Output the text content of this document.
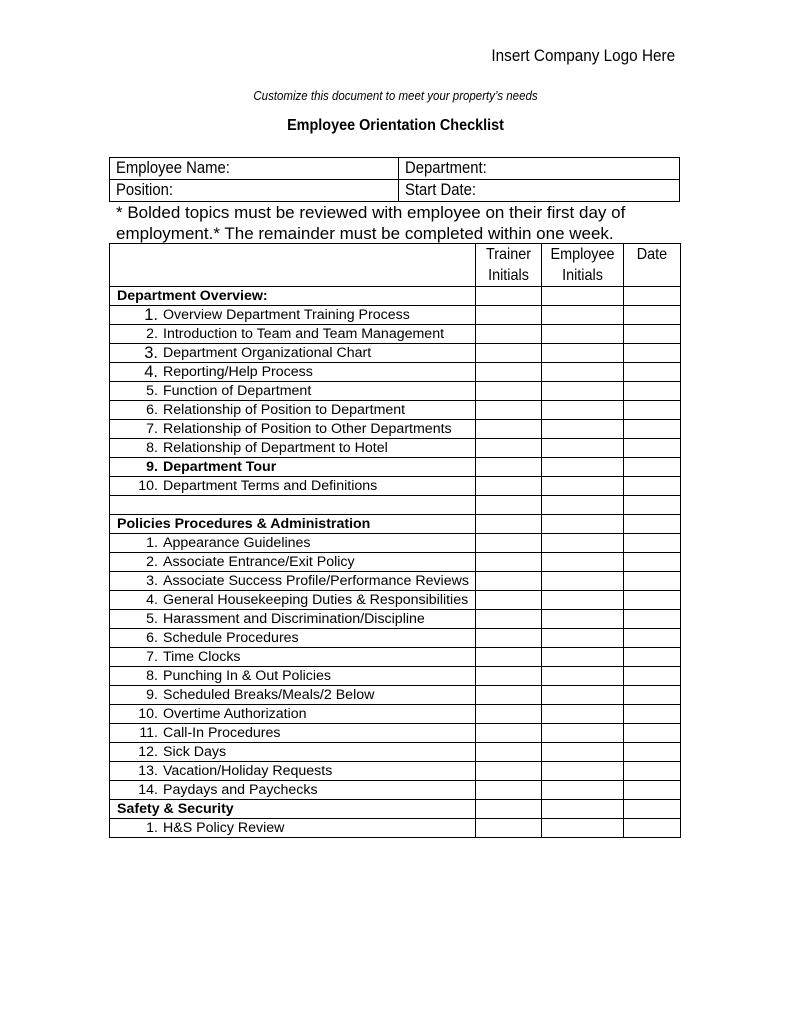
Insert Company Logo Here
Customize this document to meet your property’s needs
Employee Orientation Checklist
Employee Name:	Department:
Position:	Start Date:
* Bolded topics must be reviewed with employee on their first day of employment.* The remainder must be completed within one week.
	Trainer Initials	Employee Initials	Date
Department Overview:			

1. Overview Department Training Process			

2. Introduction to Team and Team Management			

3. Department Organizational Chart			

4. Reporting/Help Process			

5. Function of Department			

6. Relationship of Position to Department			

7. Relationship of Position to Other Departments			

8. Relationship of Department to Hotel			

9. Department Tour			

10. Department Terms and Definitions			

Policies Procedures & Administration			

1. Appearance Guidelines			

2. Associate Entrance/Exit Policy			

3. Associate Success Profile/Performance Reviews			

4. General Housekeeping Duties & Responsibilities			

5. Harassment and Discrimination/Discipline			

6. Schedule Procedures			

7. Time Clocks			

8. Punching In & Out Policies			

9. Scheduled Breaks/Meals/2 Below			

10. Overtime Authorization			

11. Call-In Procedures			

12. Sick Days			

13. Vacation/Holiday Requests			

14. Paydays and Paychecks			
Safety & Security			

1. H&S Policy Review			
